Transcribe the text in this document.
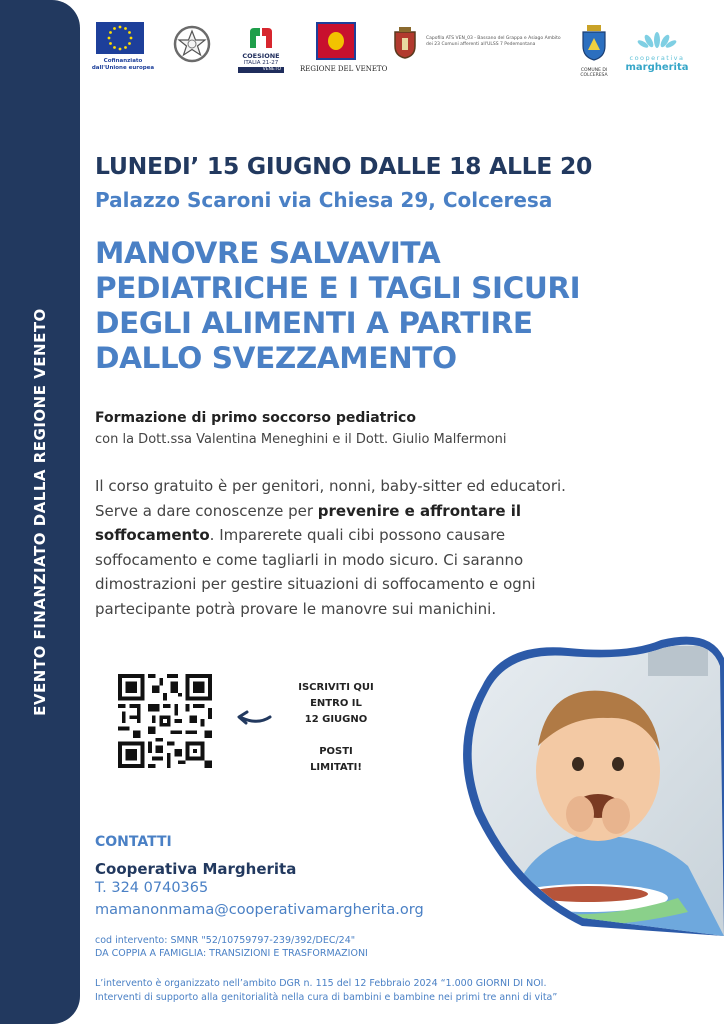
EVENTO FINANZIATO DALLA REGIONE VENETO
Cofinanziato dall'Unione europea
COESIONE
ITALIA 21-27
VENETO	REGIONE DEL VENETO
Capofila ATS VEN_03 - Bassano del Grappa e Asiago Ambito dei 23 Comuni afferenti all'ULSS 7 Pedemontana
COMUNE DI COLCERESA
cooperativa
margherita
LUNEDI’ 15 GIUGNO DALLE 18 ALLE 20
Palazzo Scaroni via Chiesa 29, Colceresa
MANOVRE SALVAVITA
PEDIATRICHE E I TAGLI SICURI
DEGLI ALIMENTI A PARTIRE
DALLO SVEZZAMENTO
Formazione di primo soccorso pediatrico
con la Dott.ssa Valentina Meneghini e il Dott. Giulio Malfermoni
Il corso gratuito è per genitori, nonni, baby-sitter ed educatori.
Serve a dare conoscenze per prevenire e affrontare il
soffocamento. Imparerete quali cibi possono causare
soffocamento e come tagliarli in modo sicuro. Ci saranno
dimostrazioni per gestire situazioni di soffocamento e ogni
partecipante potrà provare le manovre sui manichini.
ISCRIVITI QUI
ENTRO IL
12 GIUGNO
POSTI
LIMITATI!
CONTATTI
Cooperativa Margherita
T. 324 0740365
mamanonmama@cooperativamargherita.org
cod intervento: SMNR "52/10759797-239/392/DEC/24"
DA COPPIA A FAMIGLIA: TRANSIZIONI E TRASFORMAZIONI
L’intervento è organizzato nell’ambito DGR n. 115 del 12 Febbraio 2024 “1.000 GIORNI DI NOI.
Interventi di supporto alla genitorialità nella cura di bambini e bambine nei primi tre anni di vita”
